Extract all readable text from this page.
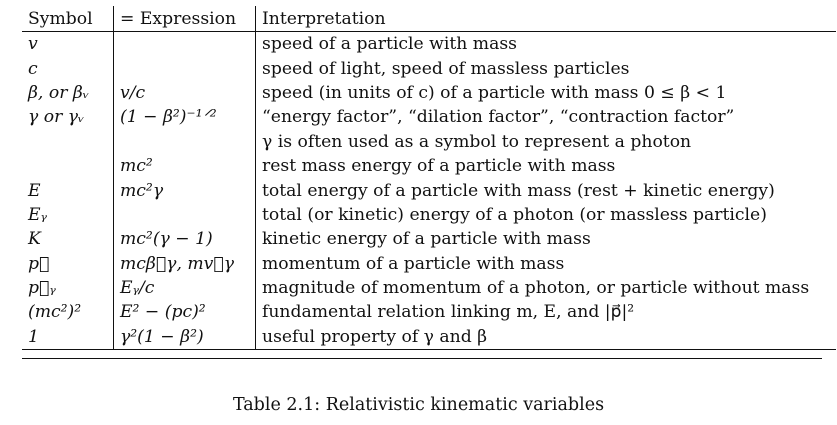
Symbol	= Expression	Interpretation
v		speed of a particle with mass
c		speed of light, speed of massless particles
β, or βᵥ	v/c	speed (in units of c) of a particle with mass 0 ≤ β < 1
γ or γᵥ	(1 − β²)⁻¹ᐟ²	“energy factor”, “dilation factor”, “contraction factor”
		γ is often used as a symbol to represent a photon
	mc²	rest mass energy of a particle with mass
E	mc²γ	total energy of a particle with mass (rest + kinetic energy)
Eᵧ		total (or kinetic) energy of a photon (or massless particle)
K	mc²(γ − 1)	kinetic energy of a particle with mass
p⃗	mcβ⃗γ, mv⃗γ	momentum of a particle with mass
p⃗ᵧ	Eᵧ/c	magnitude of momentum of a photon, or particle without mass
(mc²)²	E² − (pc)²	fundamental relation linking m, E, and |p⃗|²
1	γ²(1 − β²)	useful property of γ and β
Table 2.1: Relativistic kinematic variables
